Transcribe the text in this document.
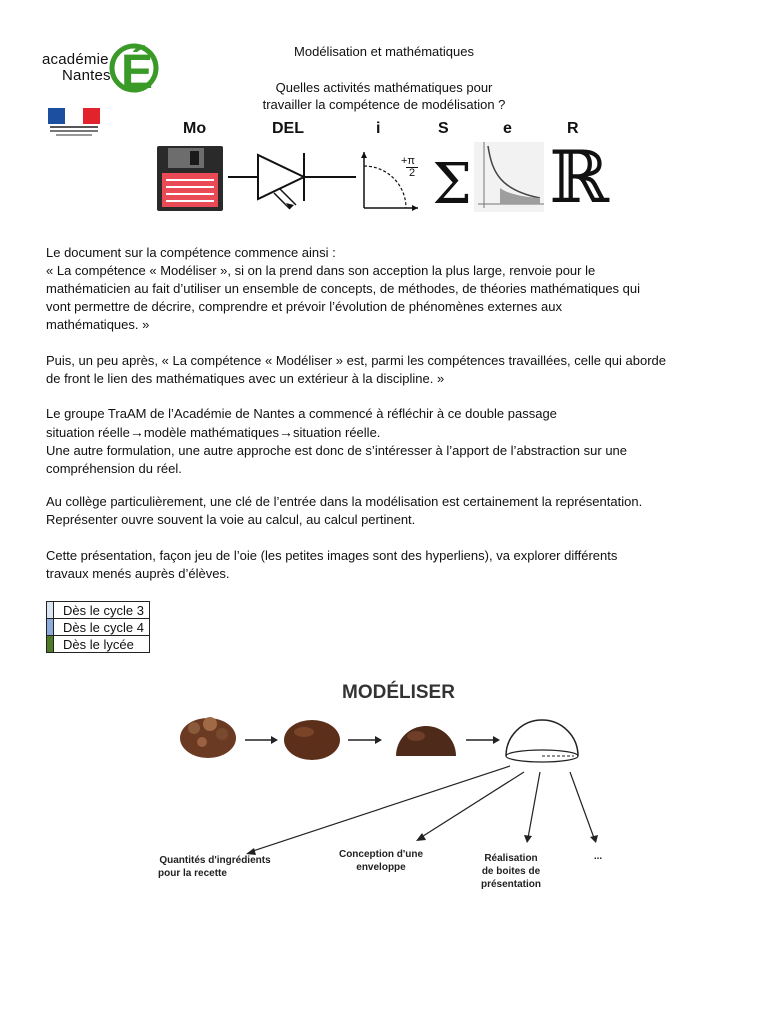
É
académie
Nantes
Modélisation et mathématiques
Quelles activités mathématiques pour
travailler la compétence de modélisation ?
Mo	DEL	i	S	e	R
+π
2 Σ ℝ
Le document sur la compétence commence ainsi :
« La compétence « Modéliser », si on la prend dans son acception la plus large, renvoie pour le
mathématicien au fait d’utiliser un ensemble de concepts, de méthodes, de théories mathématiques qui
vont permettre de décrire, comprendre et prévoir l’évolution de phénomènes externes aux
mathématiques. »
Puis, un peu après, « La compétence « Modéliser » est, parmi les compétences travaillées, celle qui aborde
de front le lien des mathématiques avec un extérieur à la discipline. »
Le groupe TraAM de l’Académie de Nantes a commencé à réfléchir à ce double passage
situation réelle→modèle mathématiques→situation réelle.
Une autre formulation, une autre approche est donc de s’intéresser à l’apport de l’abstraction sur une
compréhension du réel.
Au collège particulièrement, une clé de l’entrée dans la modélisation est certainement la représentation.
Représenter ouvre souvent la voie au calcul, au calcul pertinent.
Cette présentation, façon jeu de l’oie (les petites images sont des hyperliens), va explorer différents
travaux menés auprès d’élèves.
	Dès le cycle 3
	Dès le cycle 4
	Dès le lycée
MODÉLISER
Quantités d'ingrédients
pour la recette
Conception d'une
enveloppe
Réalisation
de boites de
présentation
...
